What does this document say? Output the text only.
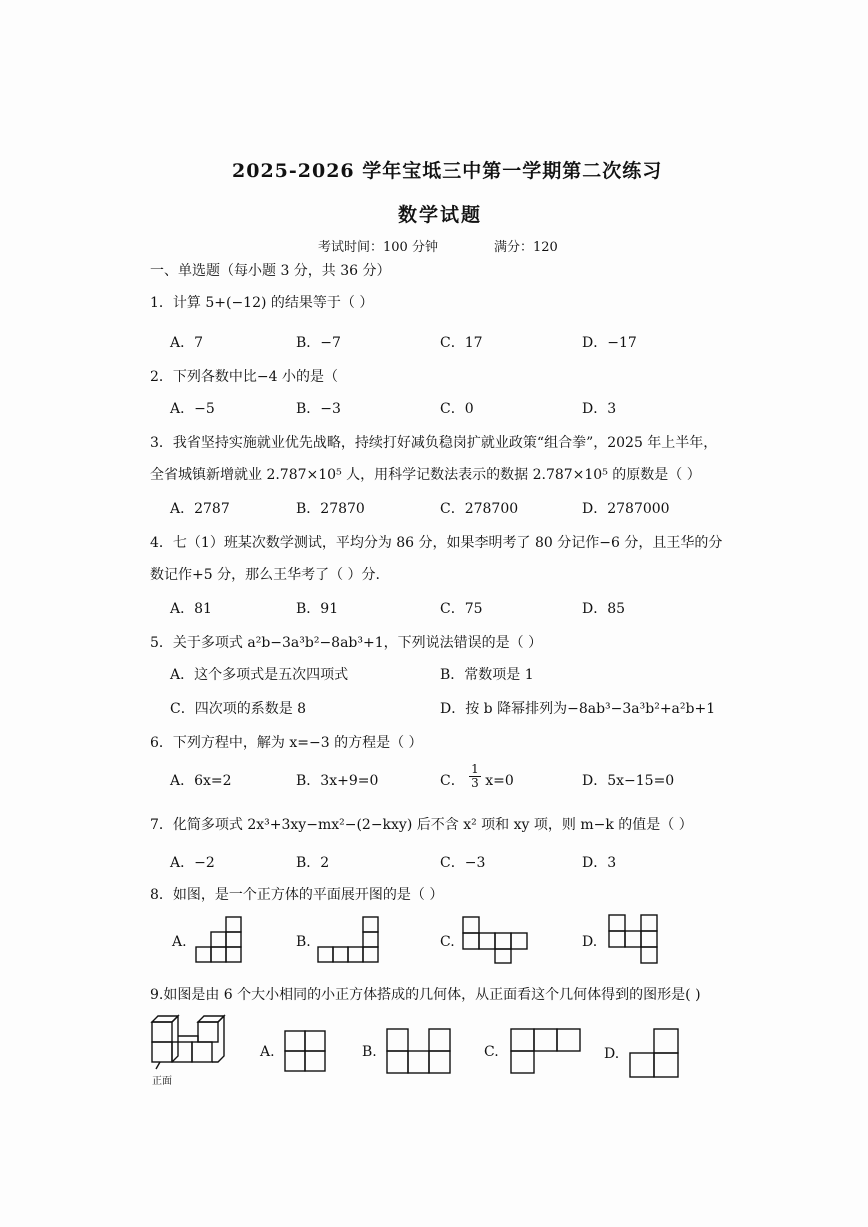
2025-2026 学年宝坻三中第一学期第二次练习
数学试题
考试时间：100 分钟	满分：120
一、单选题（每小题 3 分，共 36 分）
1．计算 5+(−12) 的结果等于（ ）
A．7	B．−7	C．17	D．−17
2．下列各数中比−4 小的是（
A．−5	B．−3	C．0	D．3
3．我省坚持实施就业优先战略，持续打好减负稳岗扩就业政策“组合拳”，2025 年上半年，
全省城镇新增就业 2.787×10⁵ 人，用科学记数法表示的数据 2.787×10⁵ 的原数是（ ）
A．2787	B．27870	C．278700	D．2787000
4．七（1）班某次数学测试，平均分为 86 分，如果李明考了 80 分记作−6 分，且王华的分
数记作+5 分，那么王华考了（ ）分.
A．81	B．91	C．75	D．85
5．关于多项式 a²b−3a³b²−8ab³+1，下列说法错误的是（ ）
A．这个多项式是五次四项式	B．常数项是 1
C．四次项的系数是 8	D．按 b 降幂排列为−8ab³−3a³b²+a²b+1
6．下列方程中，解为 x=−3 的方程是（ ）
A．6x=2	B．3x+9=0	C． $\frac{1}{3} x=0$	D．5x−15=0
7．化简多项式 2x³+3xy−mx²−(2−kxy) 后不含 x² 项和 xy 项，则 m−k 的值是（ ）
A．−2	B．2	C．−3	D．3
8．如图，是一个正方体的平面展开图的是（ ）
A.	B.	C.	D.
9.如图是由 6 个大小相同的小正方体搭成的几何体，从正面看这个几何体得到的图形是( )
正面
A.	B.	C.	D.
